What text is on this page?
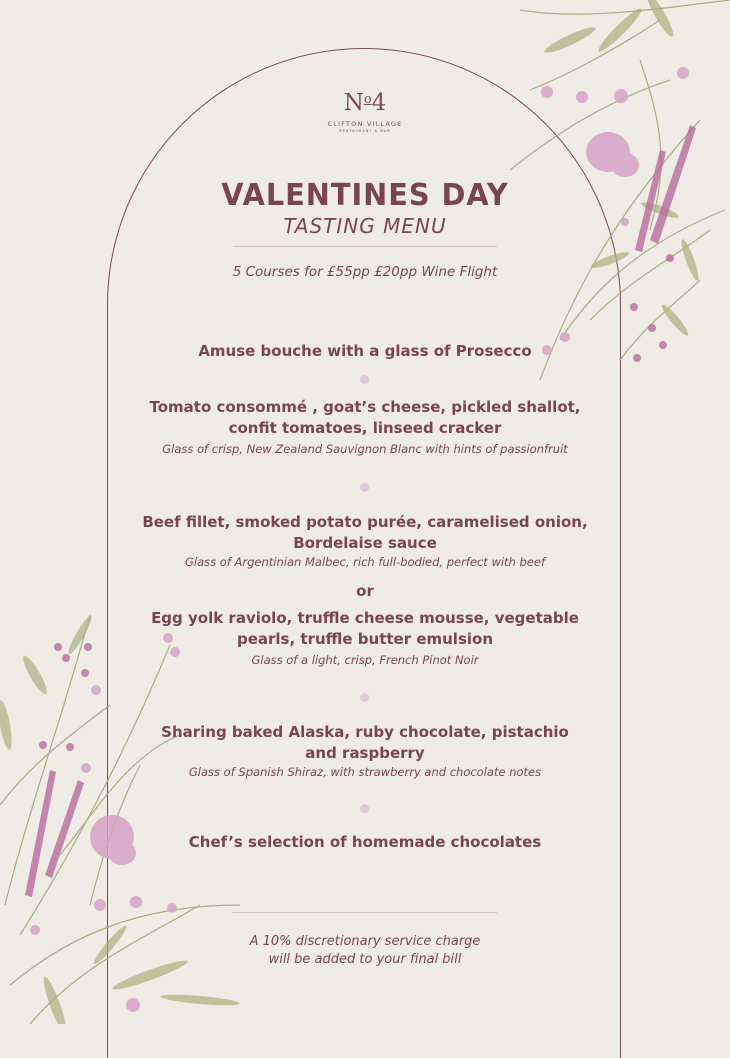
$N^o4$
CLIFTON VILLAGE
RESTAURANT & BAR
VALENTINES DAY
TASTING MENU
5 Courses for £55pp £20pp Wine Flight
Amuse bouche with a glass of Prosecco
Tomato consommé , goat’s cheese, pickled shallot,
confit tomatoes, linseed cracker
Glass of crisp, New Zealand Sauvignon Blanc with hints of passionfruit
Beef fillet, smoked potato purée, caramelised onion,
Bordelaise sauce
Glass of Argentinian Malbec, rich full-bodied, perfect with beef
or
Egg yolk raviolo, truffle cheese mousse, vegetable
pearls, truffle butter emulsion
Glass of a light, crisp, French Pinot Noir
Sharing baked Alaska, ruby chocolate, pistachio
and raspberry
Glass of Spanish Shiraz, with strawberry and chocolate notes
Chef’s selection of homemade chocolates
A 10% discretionary service charge
will be added to your final bill
